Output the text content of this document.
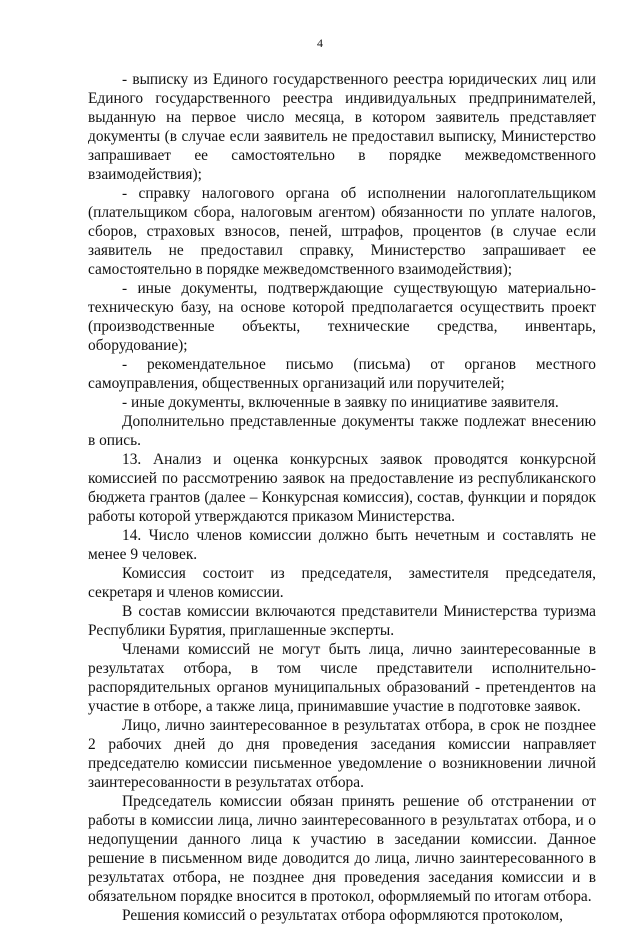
4

- выписку из Единого государственного реестра юридических лиц или Единого государственного реестра индивидуальных предпринимателей, выданную на первое число месяца, в котором заявитель представляет документы (в случае если заявитель не предоставил выписку, Министерство запрашивает ее самостоятельно в порядке межведомственного взаимодействия);

- справку налогового органа об исполнении налогоплательщиком (плательщиком сбора, налоговым агентом) обязанности по уплате налогов, сборов, страховых взносов, пеней, штрафов, процентов (в случае если заявитель не предоставил справку, Министерство запрашивает ее самостоятельно в порядке межведомственного взаимодействия);

- иные документы, подтверждающие существующую материально-техническую базу, на основе которой предполагается осуществить проект (производственные объекты, технические средства, инвентарь, оборудование);

- рекомендательное письмо (письма) от органов местного самоуправления, общественных организаций или поручителей;

- иные документы, включенные в заявку по инициативе заявителя.

Дополнительно представленные документы также подлежат внесению в опись.

13. Анализ и оценка конкурсных заявок проводятся конкурсной комиссией по рассмотрению заявок на предоставление из республиканского бюджета грантов (далее – Конкурсная комиссия), состав, функции и порядок работы которой утверждаются приказом Министерства.

14. Число членов комиссии должно быть нечетным и составлять не менее 9 человек.

Комиссия состоит из председателя, заместителя председателя, секретаря и членов комиссии.

В состав комиссии включаются представители Министерства туризма Республики Бурятия, приглашенные эксперты.

Членами комиссий не могут быть лица, лично заинтересованные в результатах отбора, в том числе представители исполнительно-распорядительных органов муниципальных образований - претендентов на участие в отборе, а также лица, принимавшие участие в подготовке заявок.

Лицо, лично заинтересованное в результатах отбора, в срок не позднее 2 рабочих дней до дня проведения заседания комиссии направляет председателю комиссии письменное уведомление о возникновении личной заинтересованности в результатах отбора.

Председатель комиссии обязан принять решение об отстранении от работы в комиссии лица, лично заинтересованного в результатах отбора, и о недопущении данного лица к участию в заседании комиссии. Данное решение в письменном виде доводится до лица, лично заинтересованного в результатах отбора, не позднее дня проведения заседания комиссии и в обязательном порядке вносится в протокол, оформляемый по итогам отбора.

Решения комиссий о результатах отбора оформляются протоколом,
